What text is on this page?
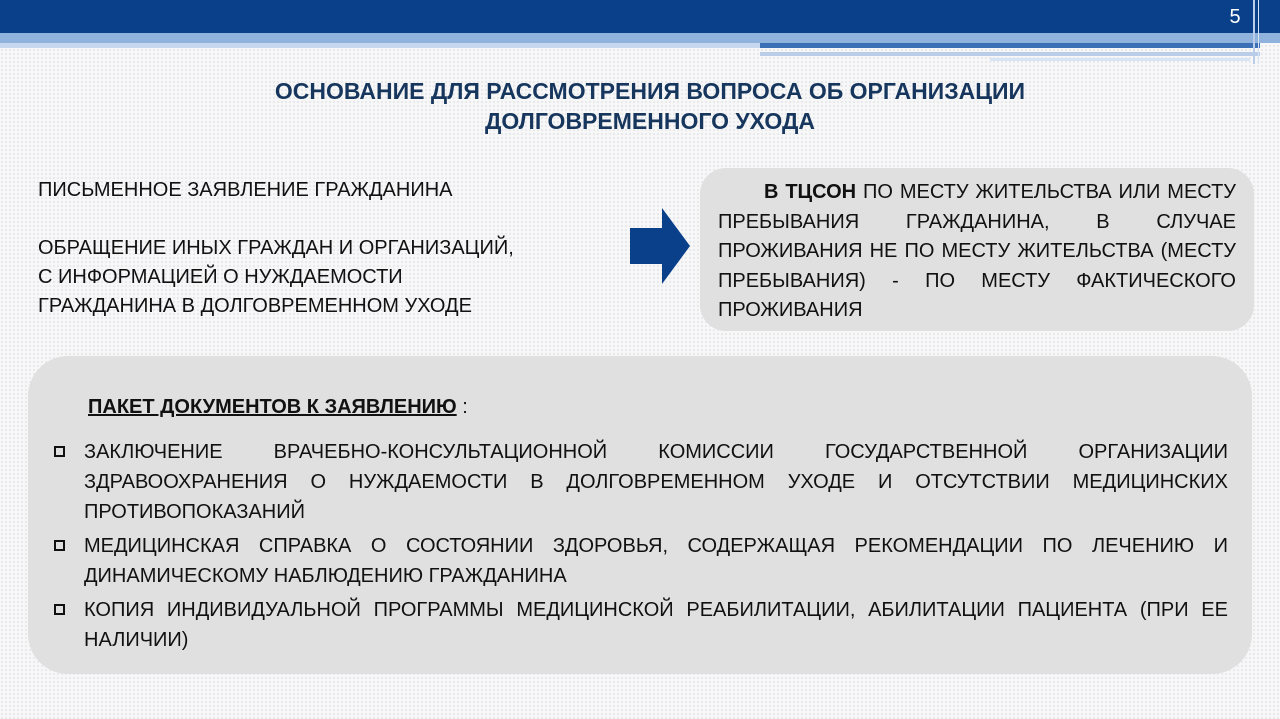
5
ОСНОВАНИЕ ДЛЯ РАССМОТРЕНИЯ ВОПРОСА ОБ ОРГАНИЗАЦИИ
ДОЛГОВРЕМЕННОГО УХОДА
ПИСЬМЕННОЕ ЗАЯВЛЕНИЕ ГРАЖДАНИНА
ОБРАЩЕНИЕ ИНЫХ ГРАЖДАН И ОРГАНИЗАЦИЙ,
С ИНФОРМАЦИЕЙ О НУЖДАЕМОСТИ
ГРАЖДАНИНА В ДОЛГОВРЕМЕННОМ УХОДЕ
В ТЦСОН ПО МЕСТУ ЖИТЕЛЬСТВА ИЛИ МЕСТУ ПРЕБЫВАНИЯ ГРАЖДАНИНА, В СЛУЧАЕ ПРОЖИВАНИЯ НЕ ПО МЕСТУ ЖИТЕЛЬСТВА (МЕСТУ ПРЕБЫВАНИЯ) - ПО МЕСТУ ФАКТИЧЕСКОГО ПРОЖИВАНИЯ
ПАКЕТ ДОКУМЕНТОВ К ЗАЯВЛЕНИЮ :
ЗАКЛЮЧЕНИЕ ВРАЧЕБНО-КОНСУЛЬТАЦИОННОЙ КОМИССИИ ГОСУДАРСТВЕННОЙ ОРГАНИЗАЦИИ ЗДРАВООХРАНЕНИЯ О НУЖДАЕМОСТИ В ДОЛГОВРЕМЕННОМ УХОДЕ И ОТСУТСТВИИ МЕДИЦИНСКИХ ПРОТИВОПОКАЗАНИЙ
МЕДИЦИНСКАЯ СПРАВКА О СОСТОЯНИИ ЗДОРОВЬЯ, СОДЕРЖАЩАЯ РЕКОМЕНДАЦИИ ПО ЛЕЧЕНИЮ И ДИНАМИЧЕСКОМУ НАБЛЮДЕНИЮ ГРАЖДАНИНА
КОПИЯ ИНДИВИДУАЛЬНОЙ ПРОГРАММЫ МЕДИЦИНСКОЙ РЕАБИЛИТАЦИИ, АБИЛИТАЦИИ ПАЦИЕНТА (ПРИ ЕЕ НАЛИЧИИ)
